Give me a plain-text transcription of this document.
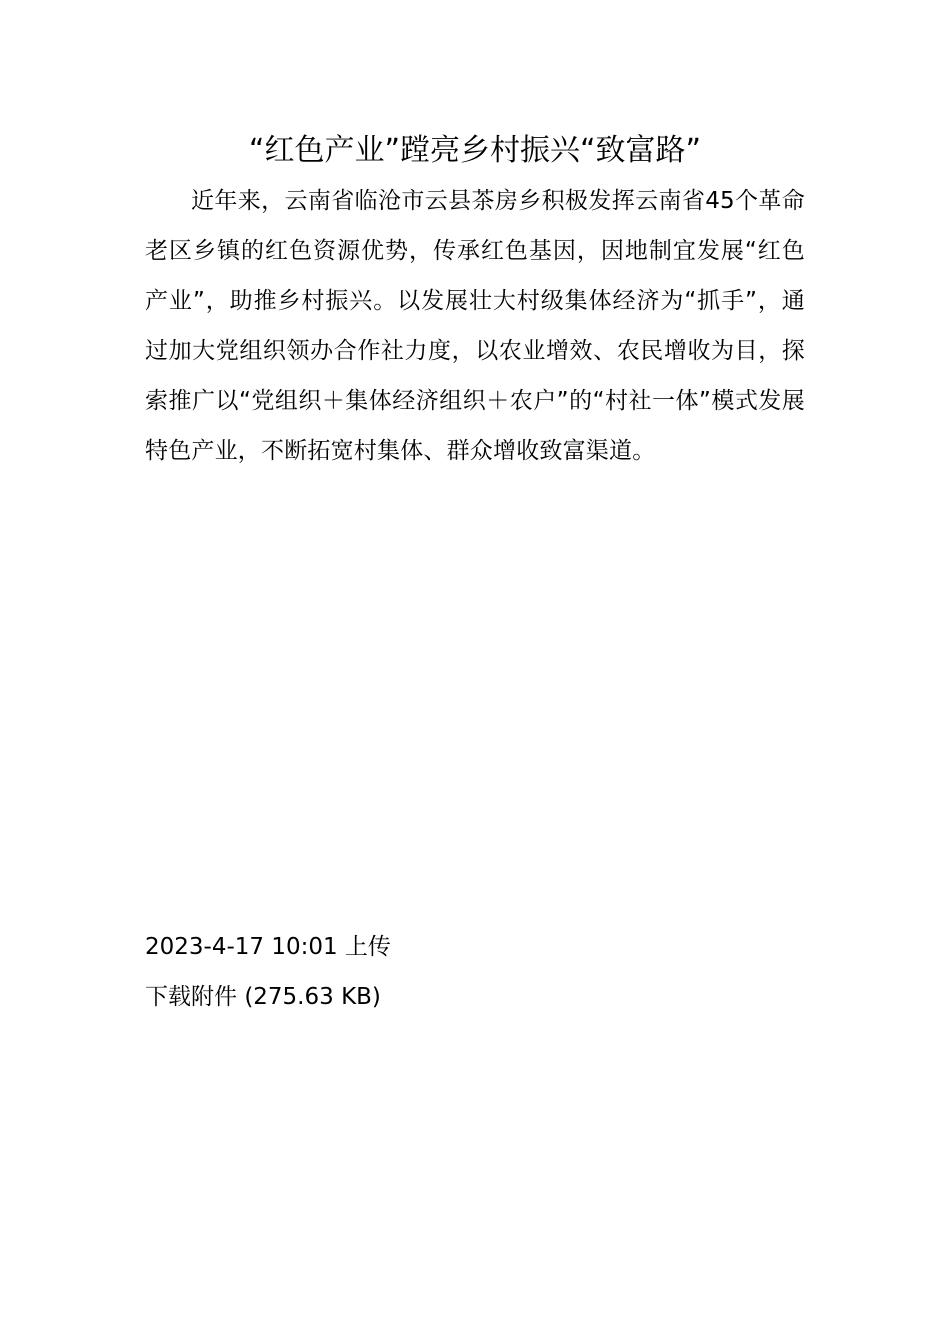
“红色产业”蹚亮乡村振兴“致富路”

近年来，云南省临沧市云县茶房乡积极发挥云南省45个革命老区乡镇的红色资源优势，传承红色基因，因地制宜发展“红色产业”，助推乡村振兴。以发展壮大村级集体经济为“抓手”，通过加大党组织领办合作社力度，以农业增效、农民增收为目，探索推广以“党组织＋集体经济组织＋农户”的“村社一体”模式发展特色产业，不断拓宽村集体、群众增收致富渠道。

2023-4-17 10:01 上传

下载附件 (275.63 KB)
